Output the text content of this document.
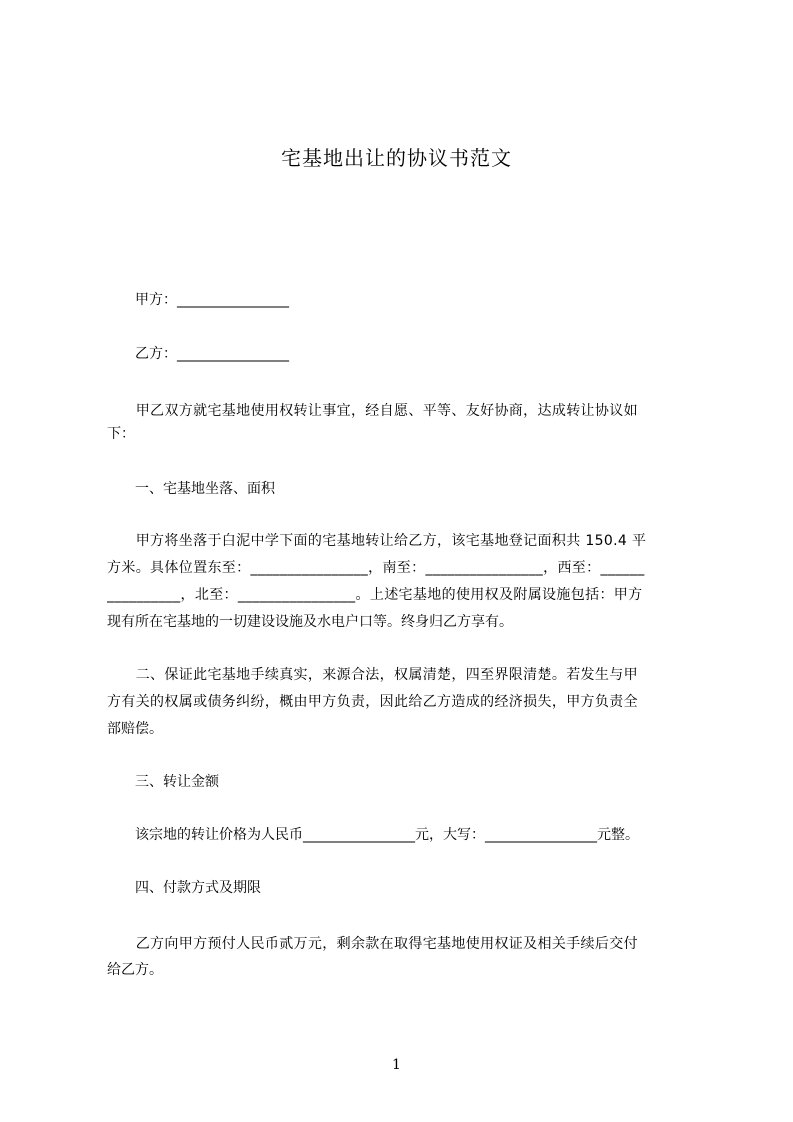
宅基地出让的协议书范文
　　甲方：________________
　　乙方：________________
　　甲乙双方就宅基地使用权转让事宜，经自愿、平等、友好协商，达成转让协议如
下：
　　一、宅基地坐落、面积
　　甲方将坐落于白泥中学下面的宅基地转让给乙方，该宅基地登记面积共 150.4 平
方米。具体位置东至：________________，南至：________________，西至：______
__________，北至：________________。上述宅基地的使用权及附属设施包括：甲方
现有所在宅基地的一切建设设施及水电户口等。终身归乙方享有。
　　二、保证此宅基地手续真实，来源合法，权属清楚，四至界限清楚。若发生与甲
方有关的权属或债务纠纷，概由甲方负责，因此给乙方造成的经济损失，甲方负责全
部赔偿。
　　三、转让金额
　　该宗地的转让价格为人民币________________元，大写：________________元整。
　　四、付款方式及期限
　　乙方向甲方预付人民币贰万元，剩余款在取得宅基地使用权证及相关手续后交付
给乙方。
1
